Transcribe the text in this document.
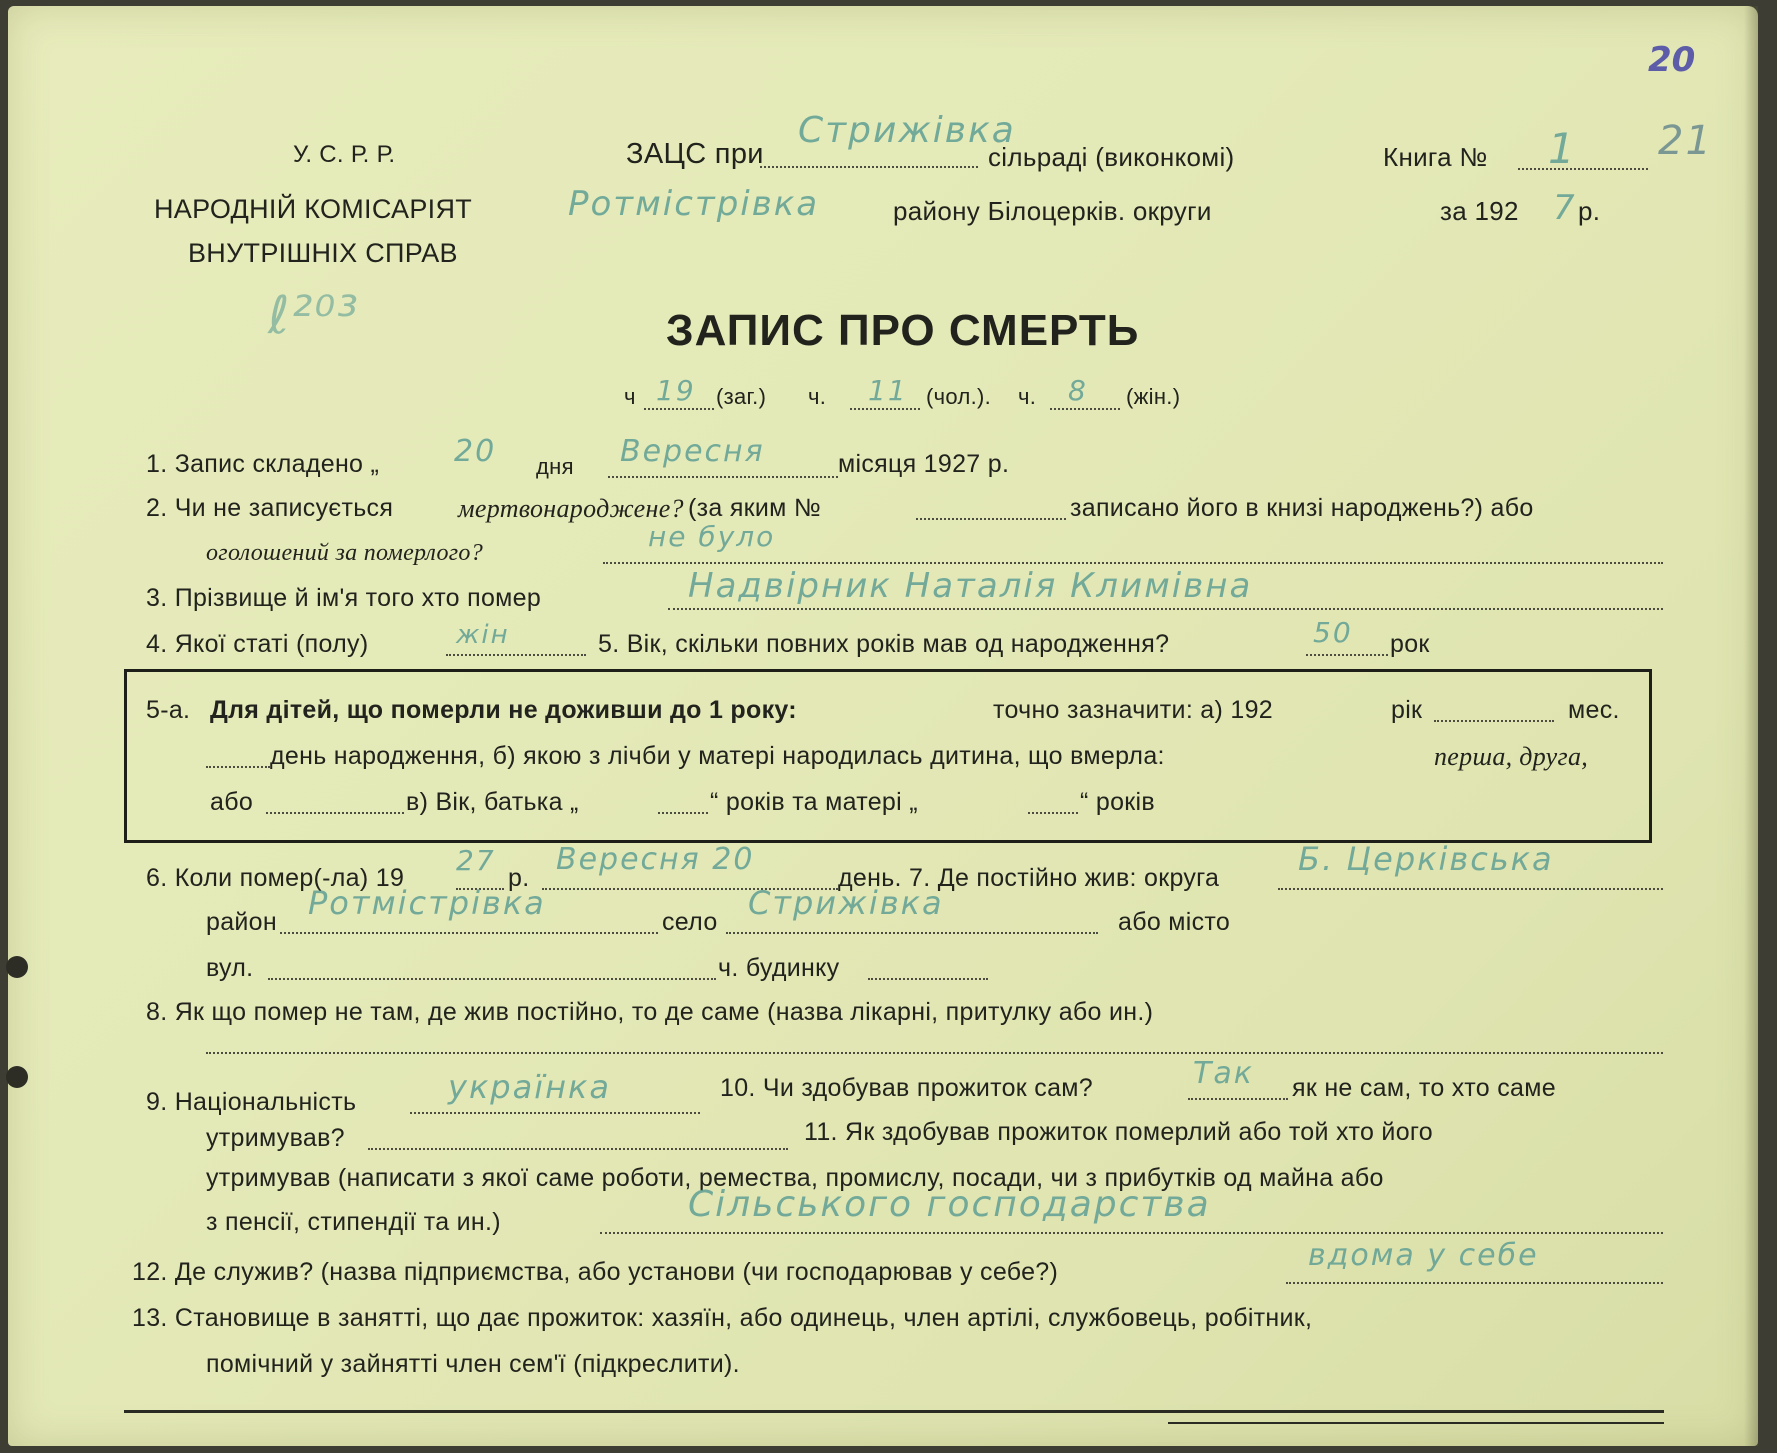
20
У. С. Р. Р.
НАРОДНІЙ КОМІСАРІЯТ
ВНУТРІШНІХ СПРАВ
ЗАЦС при
Стрижівка
сільраді (виконкомі)	Книга № 1 21
Ротмістрівка	району Білоцерків. округи	за 192 7 р.
ℓ²⁰³	ЗАПИС ПРО СМЕРТЬ
ч 19 (заг.) ч. 11 (чол.). ч. 8 (жін.)
1. Запис складено „ 20 дня Вересня	місяця 1927 р.
2. Чи не записується мертвонароджене? (за яким №	записано його в книзі народжень?) або
оголошений за померлого?	не було
3. Прізвище й ім'я того хто помер	Надвірник Наталія Климівна
4. Якої статі (полу)	жін	5. Вік, скільки повних років мав од народження?	50 рок
5-а. Для дітей, що померли не доживши до 1 року:	точно зазначити: а) 192	рік	мес.
день народження, б) якою з лічби у матері народилась дитина, що вмерла:	перша, друга,
або	в) Вік, батька „	“ років та матері „	“ років
6. Коли помер(-ла) 19
27
р.
Вересня 20
день. 7. Де постійно жив: округа Б. Церківська
район Ротмістрівка	село Стрижівка	або місто
вул.	ч. будинку
8. Як що помер не там, де жив постійно, то де саме (назва лікарні, притулку або ин.)
9. Національність	українка	10. Чи здобував прожиток сам?	Так як не сам, то хто саме
утримував?	11. Як здобував прожиток померлий або той хто його
утримував (написати з якої саме роботи, ремества, промислу, посади, чи з прибутків од майна або
з пенсії, стипендії та ин.)	Сільського господарства
12. Де служив? (назва підприємства, або установи (чи господарював у себе?)	вдома у себе
13. Становище в занятті, що дає прожиток: хазяїн, або одинець, член артілі, службовець, робітник,
помічний у зайнятті член сем'ї (підкреслити).
